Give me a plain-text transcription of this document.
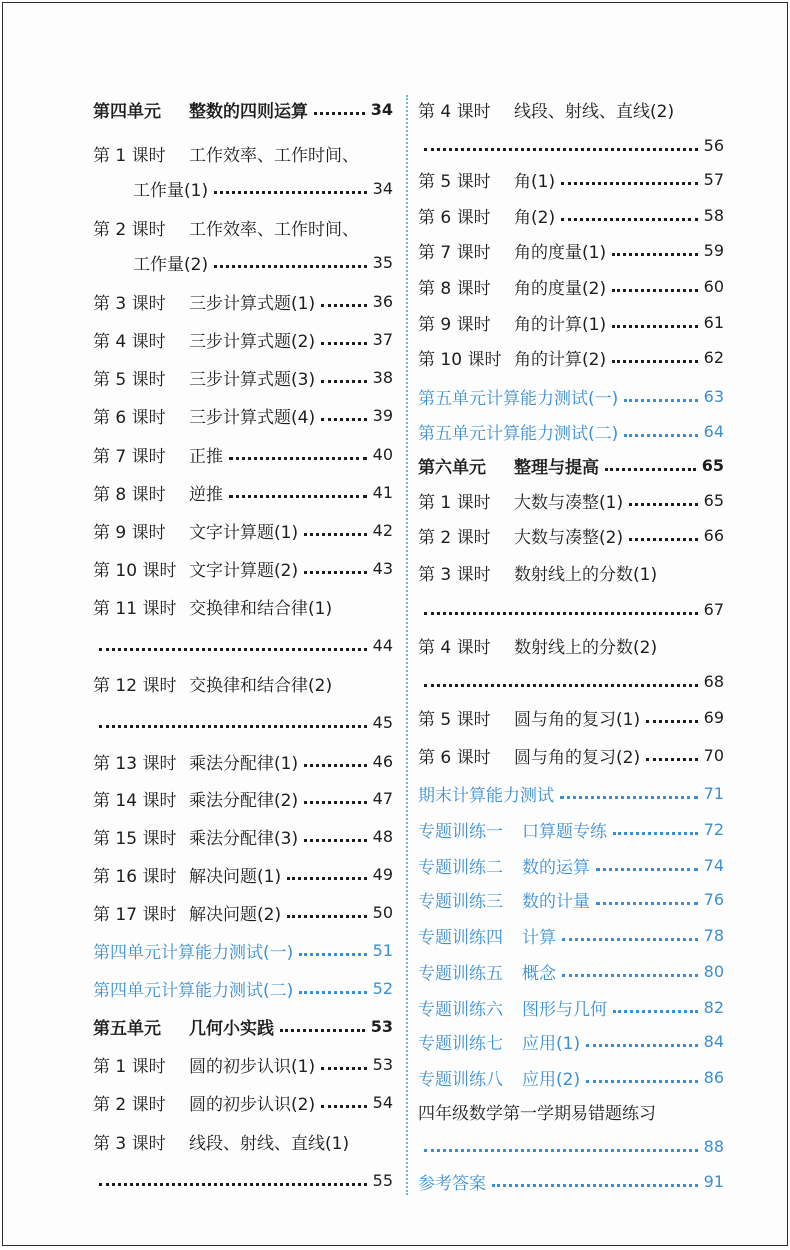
第四单元	整数的四则运算	34
第 1 课时	工作效率、工作时间、
工作量(1)	34
第 2 课时	工作效率、工作时间、
工作量(2)	35
第 3 课时	三步计算式题(1)	36
第 4 课时	三步计算式题(2)	37
第 5 课时	三步计算式题(3)	38
第 6 课时	三步计算式题(4)	39
第 7 课时	正推	40
第 8 课时	逆推	41
第 9 课时	文字计算题(1)	42
第 10 课时 文字计算题(2)	43
第 11 课时 交换律和结合律(1)
44
第 12 课时 交换律和结合律(2)
45
第 13 课时 乘法分配律(1)	46
第 14 课时 乘法分配律(2)	47
第 15 课时 乘法分配律(3)	48
第 16 课时 解决问题(1)	49
第 17 课时 解决问题(2)	50
第四单元计算能力测试(一)	51
第四单元计算能力测试(二)	52
第五单元	几何小实践	53
第 1 课时	圆的初步认识(1)	53
第 2 课时	圆的初步认识(2)	54
第 3 课时	线段、射线、直线(1)
55
第 4 课时	线段、射线、直线(2)
56
第 5 课时	角(1)	57
第 6 课时	角(2)	58
第 7 课时	角的度量(1)	59
第 8 课时	角的度量(2)	60
第 9 课时	角的计算(1)	61
第 10 课时 角的计算(2)	62
第五单元计算能力测试(一)	63
第五单元计算能力测试(二)	64
第六单元	整理与提高	65
第 1 课时	大数与凑整(1)	65
第 2 课时	大数与凑整(2)	66
第 3 课时	数射线上的分数(1)
67
第 4 课时	数射线上的分数(2)
68
第 5 课时	圆与角的复习(1)	69
第 6 课时	圆与角的复习(2)	70
期末计算能力测试	71
专题训练一	口算题专练	72
专题训练二	数的运算	74
专题训练三	数的计量	76
专题训练四	计算	78
专题训练五	概念	80
专题训练六	图形与几何	82
专题训练七	应用(1)	84
专题训练八	应用(2)	86
四年级数学第一学期易错题练习
88
参考答案	91
